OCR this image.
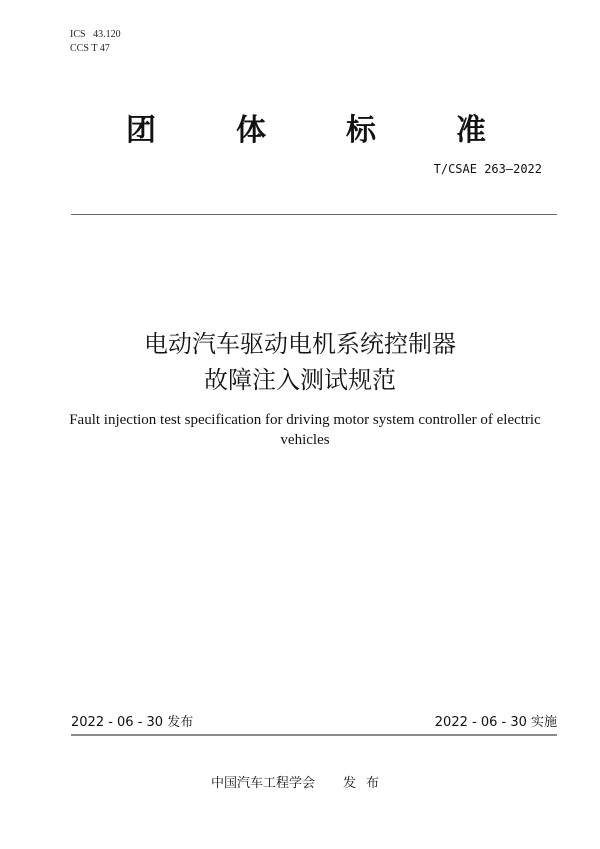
ICS 43.120
CCS T 47
团	体	标	准
T/CSAE 263—2022
电动汽车驱动电机系统控制器
故障注入测试规范
Fault injection test specification for driving motor system controller of electric vehicles
2022 - 06 - 30 发布	2022 - 06 - 30 实施
中国汽车工程学会 发布
